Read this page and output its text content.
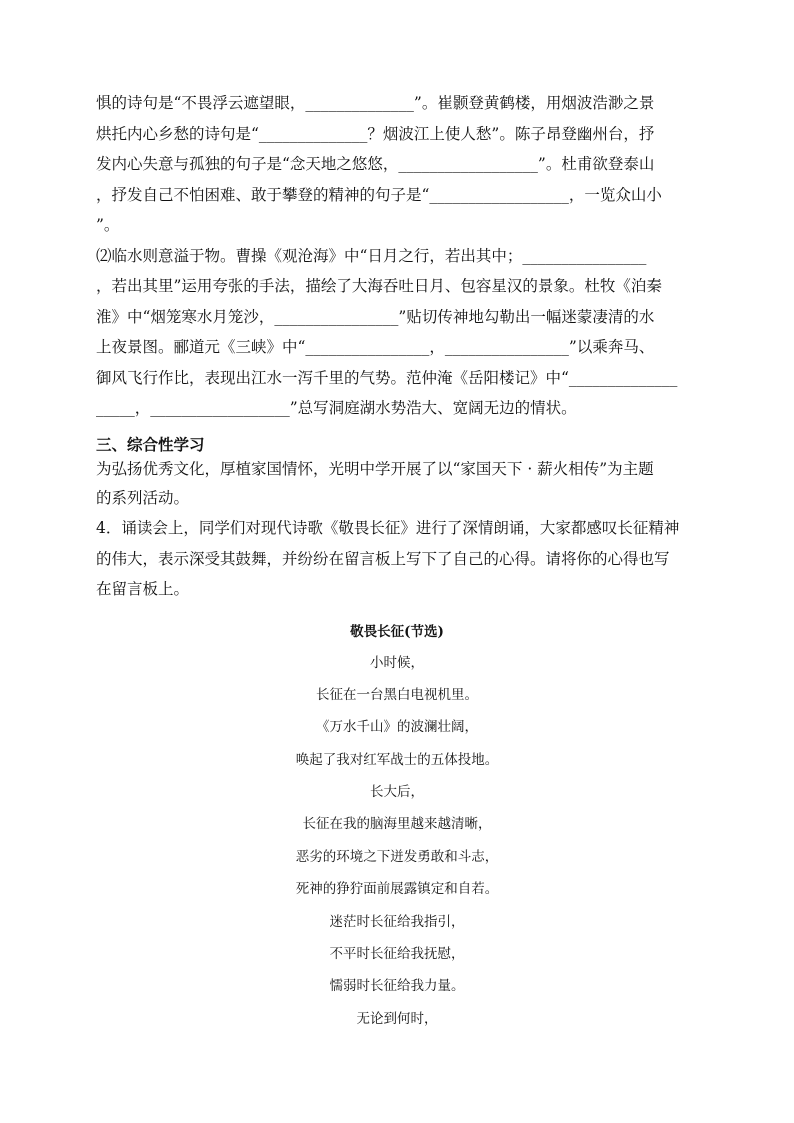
惧的诗句是“不畏浮云遮望眼，______________”。崔颢登黄鹤楼，用烟波浩渺之景
烘托内心乡愁的诗句是“______________？烟波江上使人愁”。陈子昂登幽州台，抒
发内心失意与孤独的句子是“念天地之悠悠，__________________”。杜甫欲登泰山
，抒发自己不怕困难、敢于攀登的精神的句子是“__________________，一览众山小
”。
⑵临水则意溢于物。曹操《观沧海》中“日月之行，若出其中；________________
，若出其里”运用夸张的手法，描绘了大海吞吐日月、包容星汉的景象。杜牧《泊秦
淮》中“烟笼寒水月笼沙，________________”贴切传神地勾勒出一幅迷蒙凄清的水
上夜景图。郦道元《三峡》中“________________，________________”以乘奔马、
御风飞行作比，表现出江水一泻千里的气势。范仲淹《岳阳楼记》中“______________
_____，__________________”总写洞庭湖水势浩大、宽阔无边的情状。
三、综合性学习
为弘扬优秀文化，厚植家国情怀，光明中学开展了以“家国天下 · 薪火相传”为主题
的系列活动。
4．诵读会上，同学们对现代诗歌《敬畏长征》进行了深情朗诵，大家都感叹长征精神
的伟大，表示深受其鼓舞，并纷纷在留言板上写下了自己的心得。请将你的心得也写
在留言板上。
敬畏长征(节选)
小时候，
长征在一台黑白电视机里。
《万水千山》的波澜壮阔，
唤起了我对红军战士的五体投地。
长大后，
长征在我的脑海里越来越清晰，
恶劣的环境之下迸发勇敢和斗志，
死神的狰狞面前展露镇定和自若。
迷茫时长征给我指引，
不平时长征给我抚慰，
懦弱时长征给我力量。
无论到何时，
